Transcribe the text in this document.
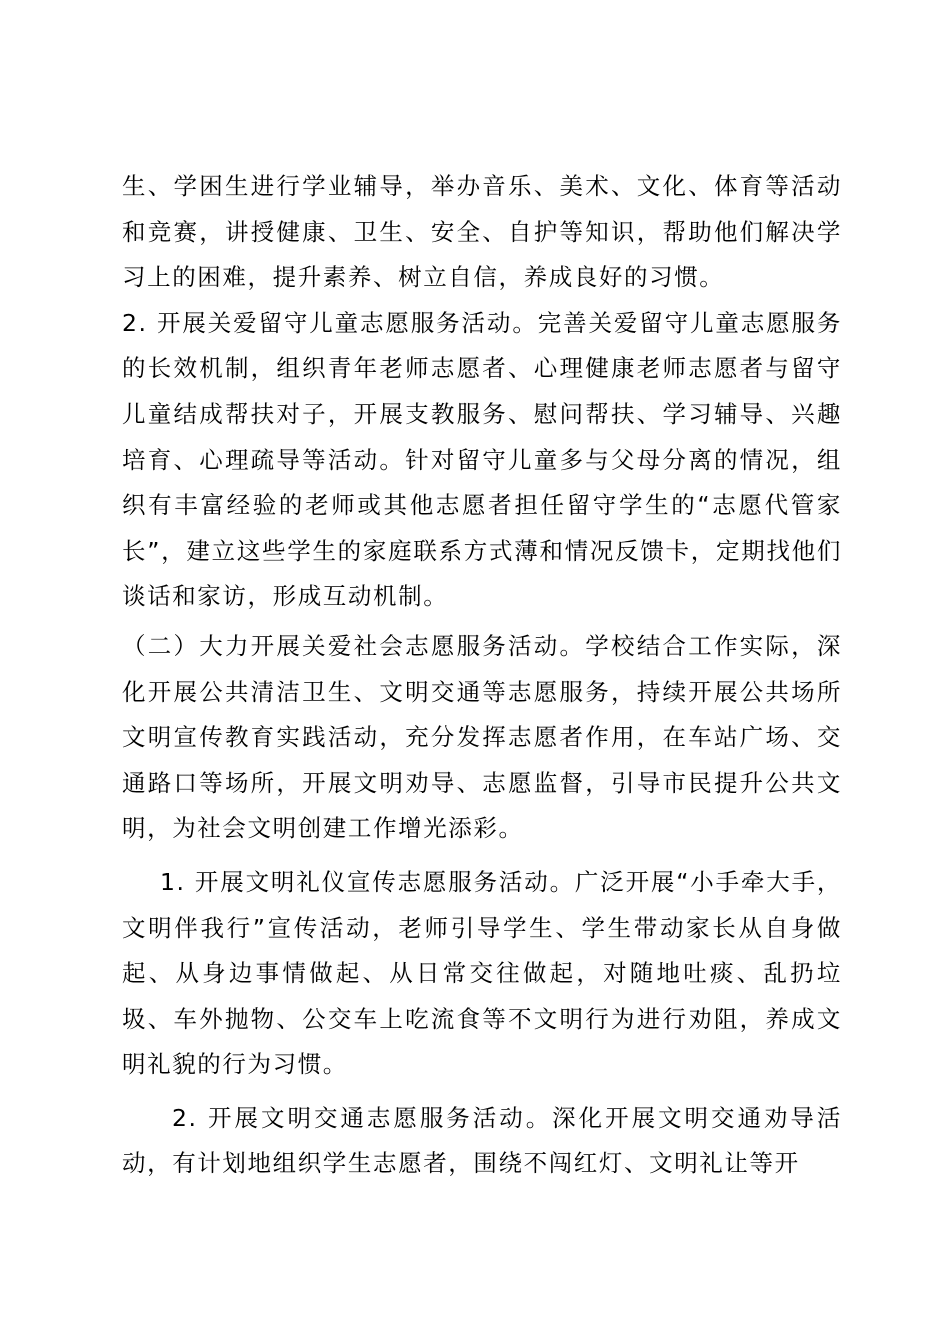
生、学困生进行学业辅导，举办音乐、美术、文化、体育等活动和竞赛，讲授健康、卫生、安全、自护等知识，帮助他们解决学习上的困难，提升素养、树立自信，养成良好的习惯。

2. 开展关爱留守儿童志愿服务活动。完善关爱留守儿童志愿服务的长效机制，组织青年老师志愿者、心理健康老师志愿者与留守儿童结成帮扶对子，开展支教服务、慰问帮扶、学习辅导、兴趣培育、心理疏导等活动。针对留守儿童多与父母分离的情况，组织有丰富经验的老师或其他志愿者担任留守学生的“志愿代管家长”，建立这些学生的家庭联系方式薄和情况反馈卡，定期找他们谈话和家访，形成互动机制。

（二）大力开展关爱社会志愿服务活动。学校结合工作实际，深化开展公共清洁卫生、文明交通等志愿服务，持续开展公共场所文明宣传教育实践活动，充分发挥志愿者作用，在车站广场、交通路口等场所，开展文明劝导、志愿监督，引导市民提升公共文明，为社会文明创建工作增光添彩。

1. 开展文明礼仪宣传志愿服务活动。广泛开展“小手牵大手，文明伴我行”宣传活动，老师引导学生、学生带动家长从自身做起、从身边事情做起、从日常交往做起，对随地吐痰、乱扔垃圾、车外抛物、公交车上吃流食等不文明行为进行劝阻，养成文明礼貌的行为习惯。

2. 开展文明交通志愿服务活动。深化开展文明交通劝导活动，有计划地组织学生志愿者，围绕不闯红灯、文明礼让等开
